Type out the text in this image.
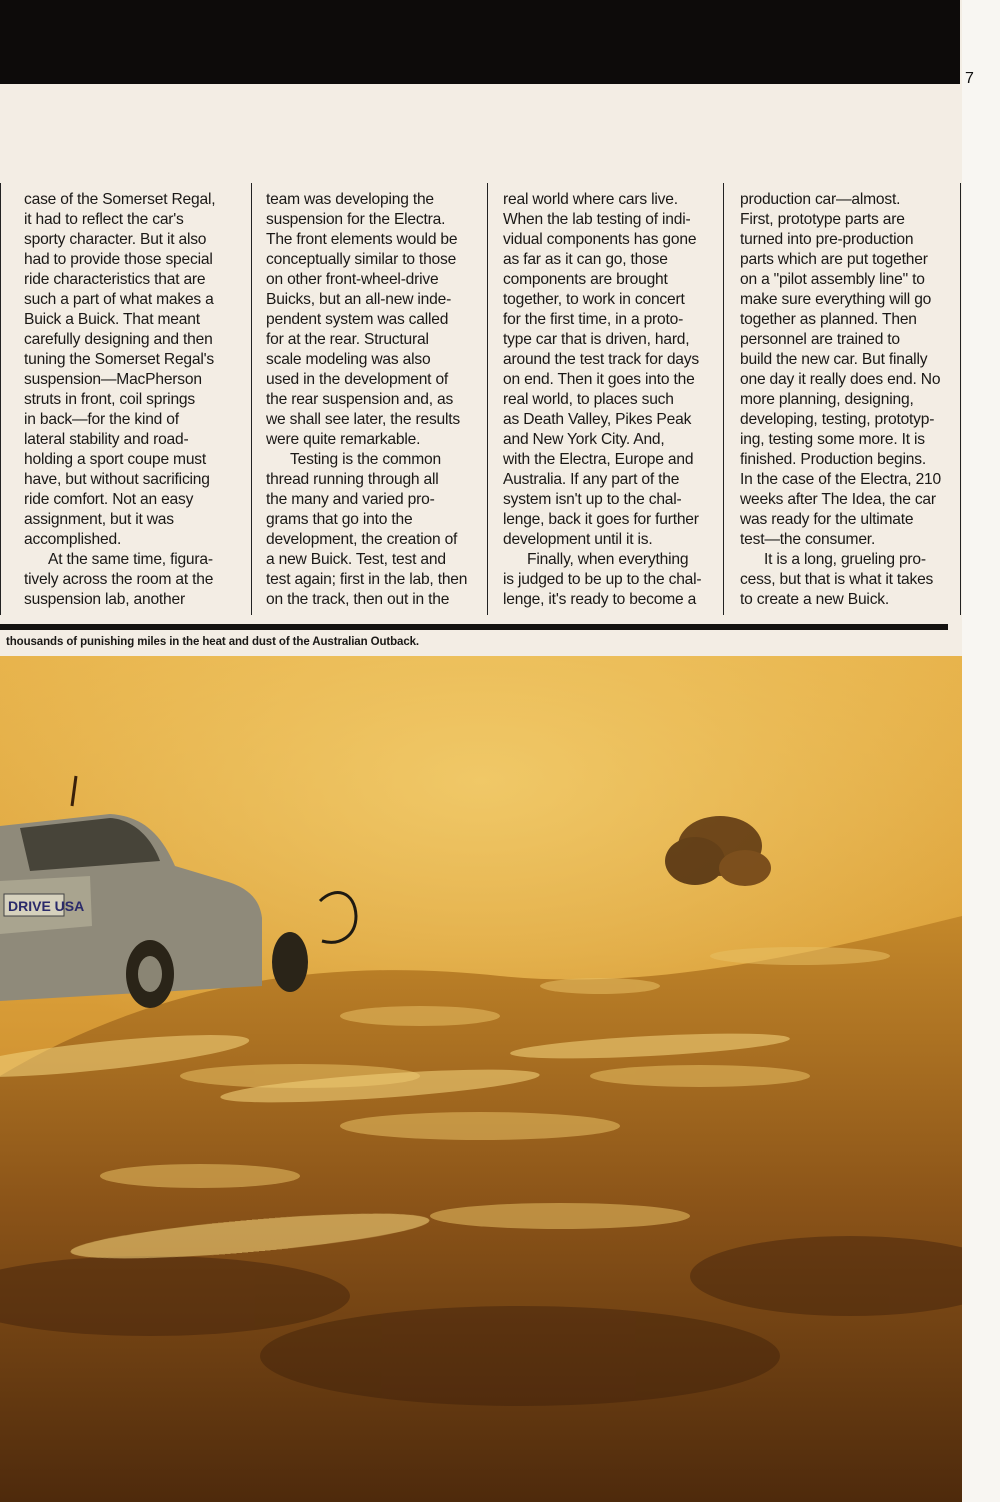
7

case of the Somerset Regal,
it had to reflect the car's
sporty character. But it also
had to provide those special
ride characteristics that are
such a part of what makes a
Buick a Buick. That meant
carefully designing and then
tuning the Somerset Regal's
suspension—MacPherson
struts in front, coil springs
in back—for the kind of
lateral stability and road-
holding a sport coupe must
have, but without sacrificing
ride comfort. Not an easy
assignment, but it was
accomplished.

At the same time, figura-
tively across the room at the
suspension lab, another

team was developing the
suspension for the Electra.
The front elements would be
conceptually similar to those
on other front-wheel-drive
Buicks, but an all-new inde-
pendent system was called
for at the rear. Structural
scale modeling was also
used in the development of
the rear suspension and, as
we shall see later, the results
were quite remarkable.

Testing is the common
thread running through all
the many and varied pro-
grams that go into the
development, the creation of
a new Buick. Test, test and
test again; first in the lab, then
on the track, then out in the

real world where cars live.
When the lab testing of indi-
vidual components has gone
as far as it can go, those
components are brought
together, to work in concert
for the first time, in a proto-
type car that is driven, hard,
around the test track for days
on end. Then it goes into the
real world, to places such
as Death Valley, Pikes Peak
and New York City. And,
with the Electra, Europe and
Australia. If any part of the
system isn't up to the chal-
lenge, back it goes for further
development until it is.

Finally, when everything
is judged to be up to the chal-
lenge, it's ready to become a

production car—almost.
First, prototype parts are
turned into pre-production
parts which are put together
on a "pilot assembly line" to
make sure everything will go
together as planned. Then
personnel are trained to
build the new car. But finally
one day it really does end. No
more planning, designing,
developing, testing, prototyp-
ing, testing some more. It is
finished. Production begins.
In the case of the Electra, 210
weeks after The Idea, the car
was ready for the ultimate
test—the consumer.

It is a long, grueling pro-
cess, but that is what it takes
to create a new Buick.

thousands of punishing miles in the heat and dust of the Australian Outback.
DRIVE USA
